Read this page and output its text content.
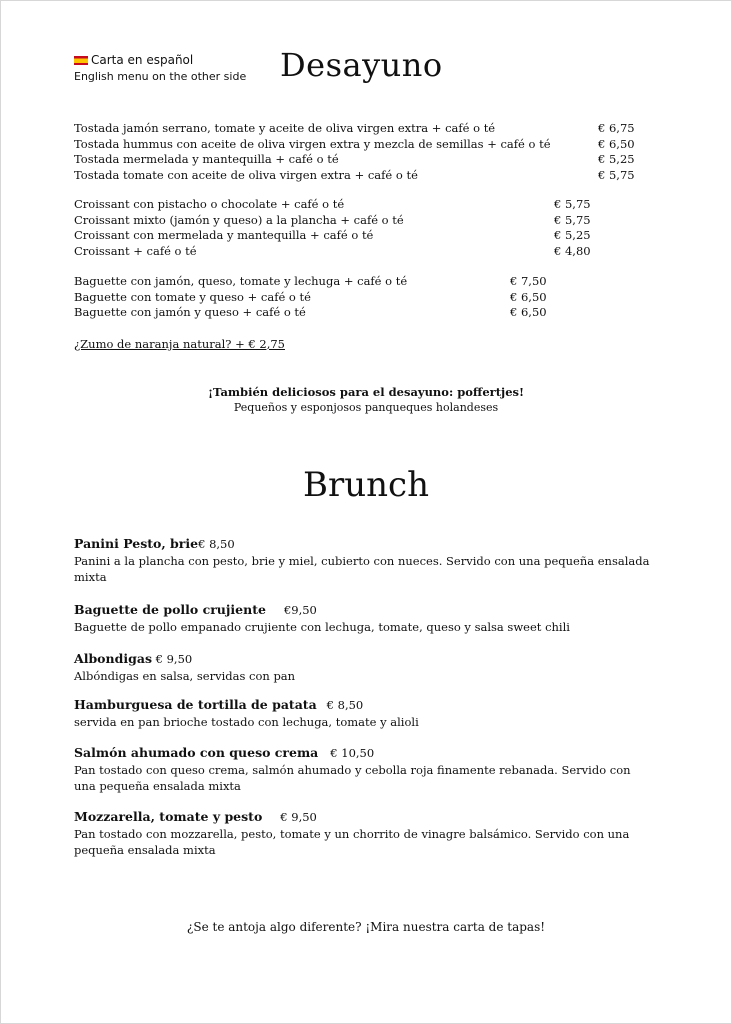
Carta en español
English menu on the other side Desayuno
Tostada jamón serrano, tomate y aceite de oliva virgen extra + café o té	€ 6,75
Tostada hummus con aceite de oliva virgen extra y mezcla de semillas + café o té	€ 6,50
Tostada mermelada y mantequilla + café o té	€ 5,25
Tostada tomate con aceite de oliva virgen extra + café o té	€ 5,75
Croissant con pistacho o chocolate + café o té	€ 5,75
Croissant mixto (jamón y queso) a la plancha + café o té	€ 5,75
Croissant con mermelada y mantequilla + café o té	€ 5,25
Croissant + café o té	€ 4,80
Baguette con jamón, queso, tomate y lechuga + café o té	€ 7,50
Baguette con tomate y queso + café o té	€ 6,50
Baguette con jamón y queso + café o té	€ 6,50
¿Zumo de naranja natural? + € 2,75
¡También deliciosos para el desayuno: poffertjes!
Pequeños y esponjosos panqueques holandeses
Brunch
Panini Pesto, brie€ 8,50
Panini a la plancha con pesto, brie y miel, cubierto con nueces. Servido con una pequeña ensalada mixta
Baguette de pollo crujiente €9,50
Baguette de pollo empanado crujiente con lechuga, tomate, queso y salsa sweet chili
Albondigas € 9,50
Albóndigas en salsa, servidas con pan
Hamburguesa de tortilla de patata € 8,50
servida en pan brioche tostado con lechuga, tomate y alioli
Salmón ahumado con queso crema € 10,50
Pan tostado con queso crema, salmón ahumado y cebolla roja finamente rebanada. Servido con una pequeña ensalada mixta
Mozzarella, tomate y pesto € 9,50
Pan tostado con mozzarella, pesto, tomate y un chorrito de vinagre balsámico. Servido con una pequeña ensalada mixta
¿Se te antoja algo diferente? ¡Mira nuestra carta de tapas!
